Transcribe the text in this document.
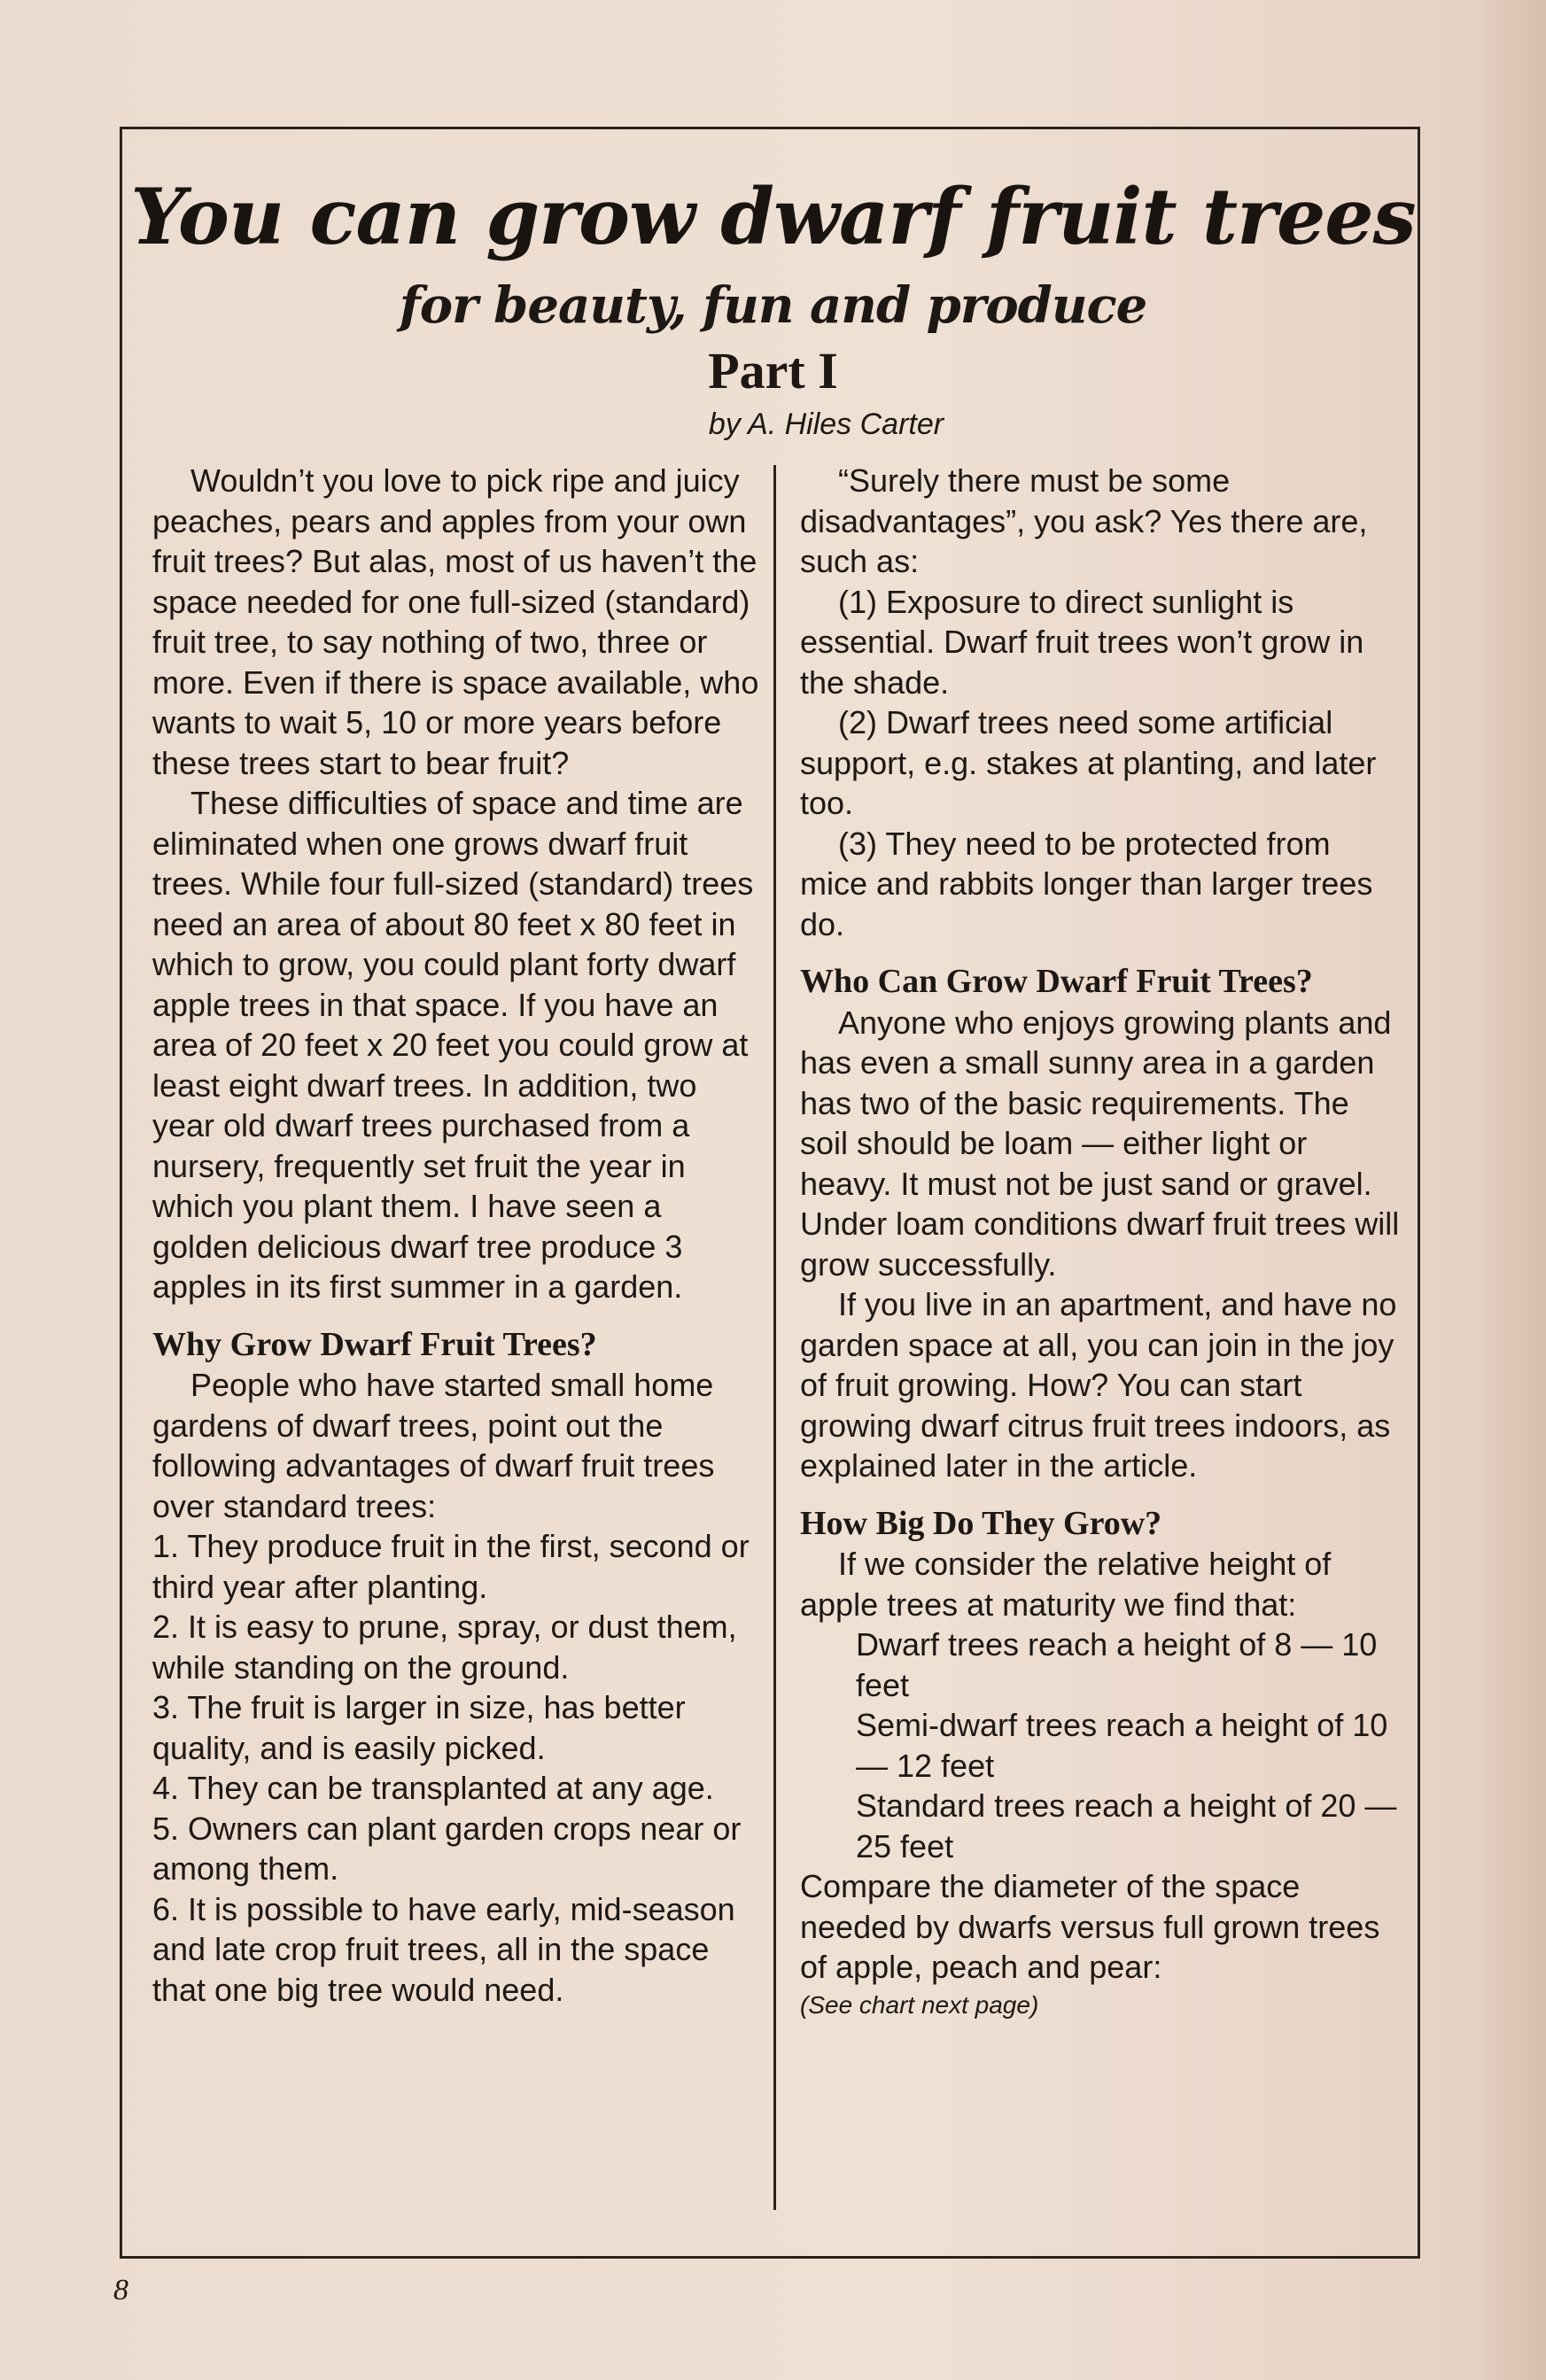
You can grow dwarf fruit trees
for beauty, fun and produce
Part I
by A. Hiles Carter

Wouldn’t you love to pick ripe and juicy peaches, pears and apples from your own fruit trees? But alas, most of us haven’t the space needed for one full-sized (standard) fruit tree, to say nothing of two, three or more. Even if there is space available, who wants to wait 5, 10 or more years before these trees start to bear fruit?

These difficulties of space and time are eliminated when one grows dwarf fruit trees. While four full-sized (standard) trees need an area of about 80 feet x 80 feet in which to grow, you could plant forty dwarf apple trees in that space. If you have an area of 20 feet x 20 feet you could grow at least eight dwarf trees. In addition, two year old dwarf trees purchased from a nursery, frequently set fruit the year in which you plant them. I have seen a golden delicious dwarf tree produce 3 apples in its first summer in a garden.

Why Grow Dwarf Fruit Trees?

People who have started small home gardens of dwarf trees, point out the following advantages of dwarf fruit trees over standard trees:

1. They produce fruit in the first, second or third year after planting.

2. It is easy to prune, spray, or dust them, while standing on the ground.

3. The fruit is larger in size, has better quality, and is easily picked.

4. They can be transplanted at any age.

5. Owners can plant garden crops near or among them.

6. It is possible to have early, mid-season and late crop fruit trees, all in the space that one big tree would need.

“Surely there must be some disadvantages”, you ask? Yes there are, such as:

(1) Exposure to direct sunlight is essential. Dwarf fruit trees won’t grow in the shade.

(2) Dwarf trees need some artificial support, e.g. stakes at planting, and later too.

(3) They need to be protected from mice and rabbits longer than larger trees do.

Who Can Grow Dwarf Fruit Trees?

Anyone who enjoys growing plants and has even a small sunny area in a garden has two of the basic requirements. The soil should be loam — either light or heavy. It must not be just sand or gravel. Under loam conditions dwarf fruit trees will grow successfully.

If you live in an apartment, and have no garden space at all, you can join in the joy of fruit growing. How? You can start growing dwarf citrus fruit trees indoors, as explained later in the article.

How Big Do They Grow?

If we consider the relative height of apple trees at maturity we find that:

Dwarf trees reach a height of 8 — 10 feet

Semi-dwarf trees reach a height of 10 — 12 feet

Standard trees reach a height of 20 — 25 feet

Compare the diameter of the space needed by dwarfs versus full grown trees of apple, peach and pear:

(See chart next page)

8
